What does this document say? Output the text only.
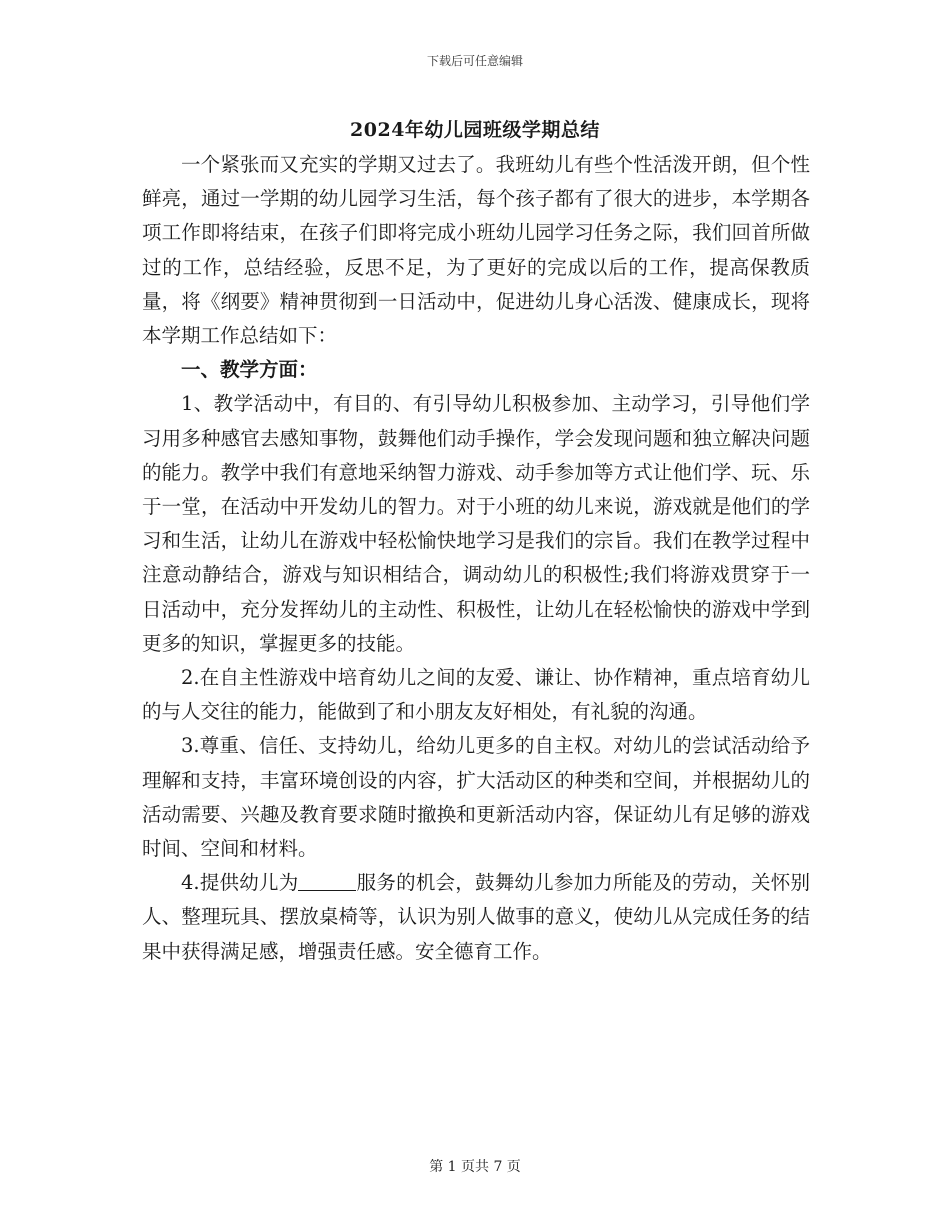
下载后可任意编辑
2024年幼儿园班级学期总结

一个紧张而又充实的学期又过去了。我班幼儿有些个性活泼开朗，但个性鲜亮，通过一学期的幼儿园学习生活，每个孩子都有了很大的进步，本学期各项工作即将结束，在孩子们即将完成小班幼儿园学习任务之际，我们回首所做过的工作，总结经验，反思不足，为了更好的完成以后的工作，提高保教质量，将《纲要》精神贯彻到一日活动中，促进幼儿身心活泼、健康成长，现将本学期工作总结如下：

一、教学方面：

1、教学活动中，有目的、有引导幼儿积极参加、主动学习，引导他们学习用多种感官去感知事物，鼓舞他们动手操作，学会发现问题和独立解决问题的能力。教学中我们有意地采纳智力游戏、动手参加等方式让他们学、玩、乐于一堂，在活动中开发幼儿的智力。对于小班的幼儿来说，游戏就是他们的学习和生活，让幼儿在游戏中轻松愉快地学习是我们的宗旨。我们在教学过程中注意动静结合，游戏与知识相结合，调动幼儿的积极性;我们将游戏贯穿于一日活动中，充分发挥幼儿的主动性、积极性，让幼儿在轻松愉快的游戏中学到更多的知识，掌握更多的技能。

2.在自主性游戏中培育幼儿之间的友爱、谦让、协作精神，重点培育幼儿的与人交往的能力，能做到了和小朋友友好相处，有礼貌的沟通。

3.尊重、信任、支持幼儿，给幼儿更多的自主权。对幼儿的尝试活动给予理解和支持，丰富环境创设的内容，扩大活动区的种类和空间，并根据幼儿的活动需要、兴趣及教育要求随时撤换和更新活动内容，保证幼儿有足够的游戏时间、空间和材料。

4.提供幼儿为	服务的机会，鼓舞幼儿参加力所能及的劳动，关怀别人、整理玩具、摆放桌椅等，认识为别人做事的意义，使幼儿从完成任务的结果中获得满足感，增强责任感。安全德育工作。

第 1 页共 7 页
